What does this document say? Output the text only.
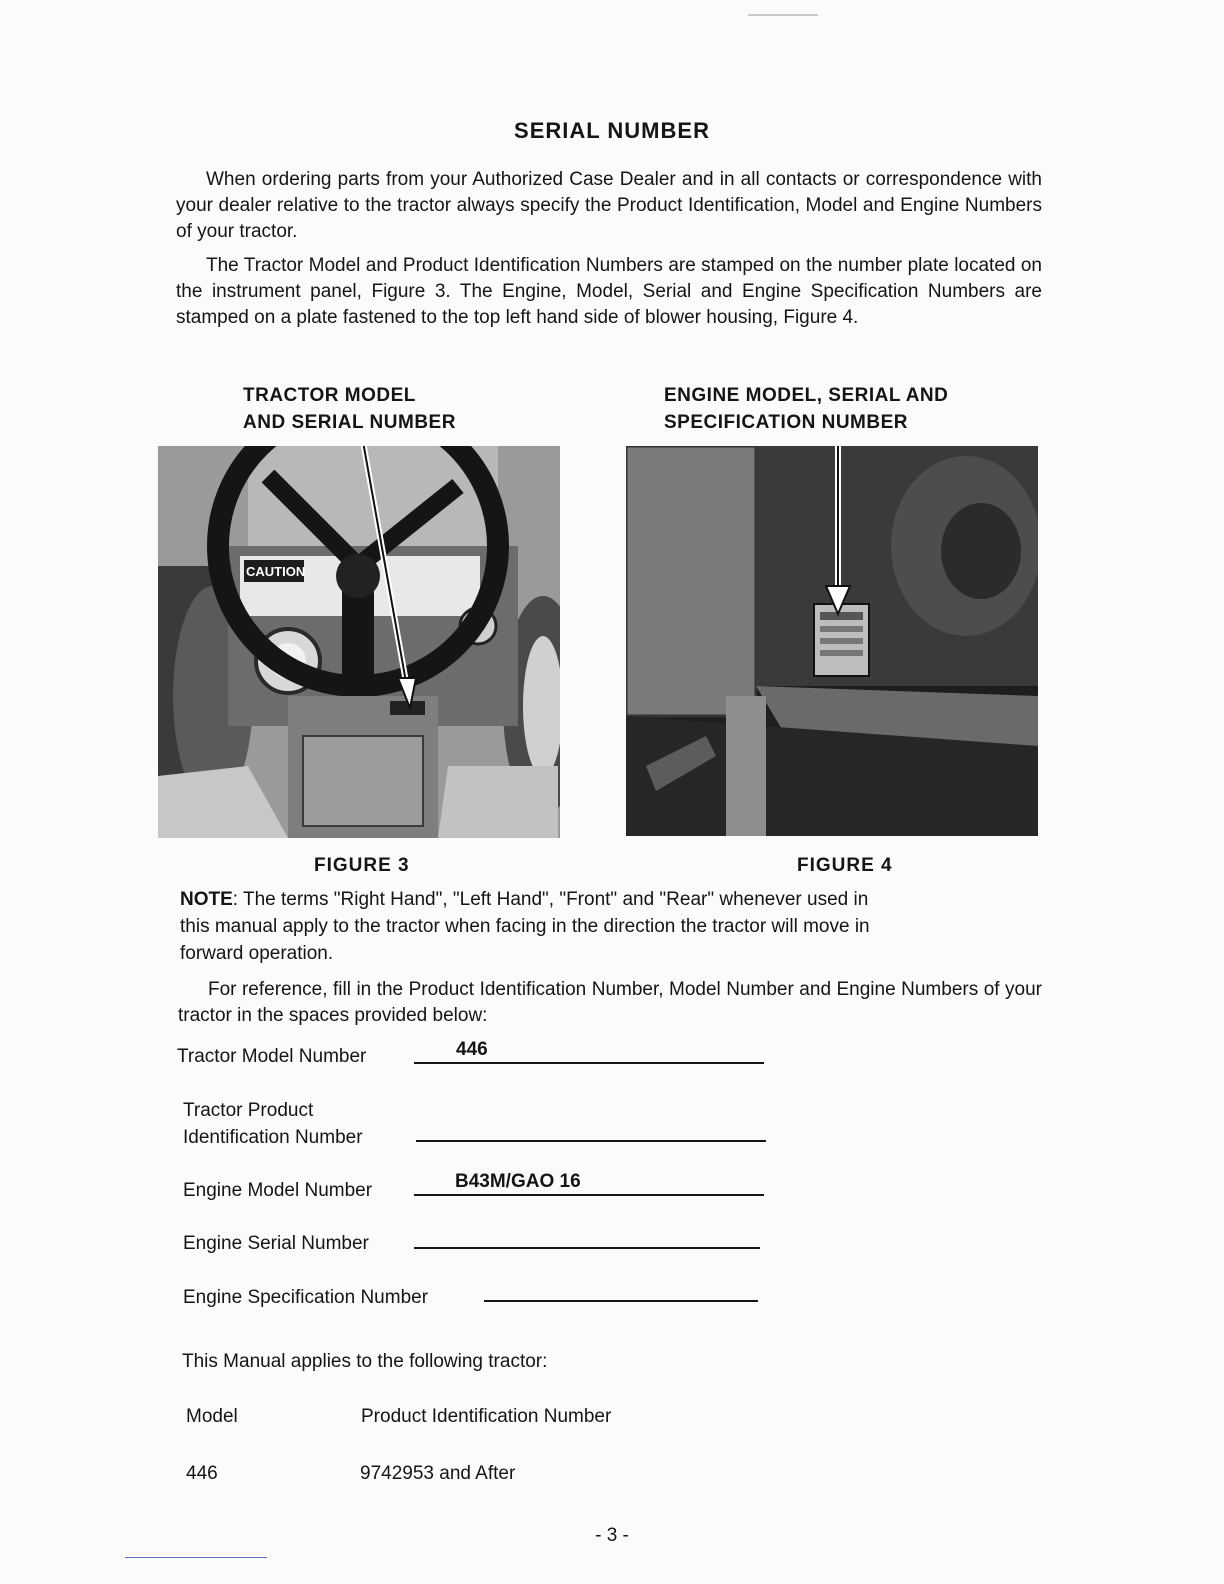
SERIAL NUMBER
When ordering parts from your Authorized Case Dealer and in all contacts or correspondence with your dealer relative to the tractor always specify the Product Identification, Model and Engine Numbers of your tractor.
The Tractor Model and Product Identification Numbers are stamped on the number plate located on the instrument panel, Figure 3. The Engine, Model, Serial and Engine Specification Numbers are stamped on a plate fastened to the top left hand side of blower housing, Figure 4.
TRACTOR MODEL
AND SERIAL NUMBER
ENGINE MODEL, SERIAL AND
SPECIFICATION NUMBER
CAUTION
FIGURE 3	FIGURE 4
NOTE: The terms "Right Hand", "Left Hand", "Front" and "Rear" whenever used in this manual apply to the tractor when facing in the direction the tractor will move in forward operation.
For reference, fill in the Product Identification Number, Model Number and Engine Numbers of your tractor in the spaces provided below:
Tractor Model Number	446
Tractor Product
Identification Number
Engine Model Number	B43M/GAO 16
Engine Serial Number
Engine Specification Number
This Manual applies to the following tractor:
Model	Product Identification Number
446	9742953 and After
- 3 -
